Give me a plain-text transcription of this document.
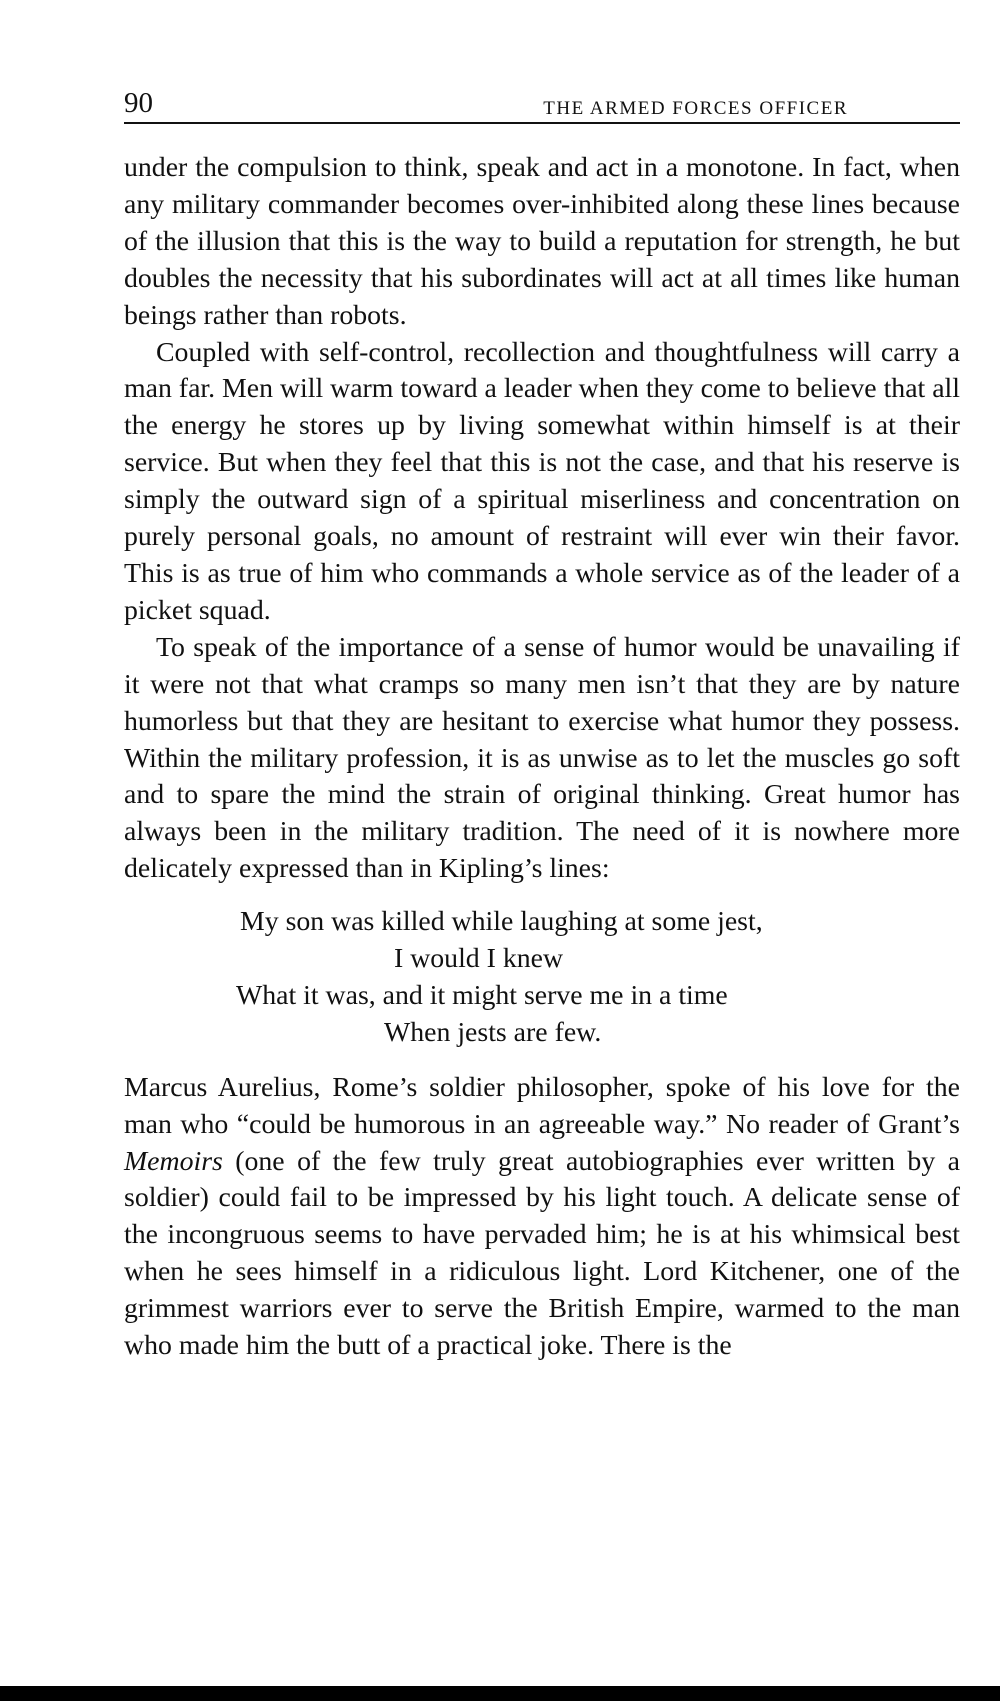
90	THE ARMED FORCES OFFICER

under the compulsion to think, speak and act in a monotone. In fact, when any military commander becomes over-inhibited along these lines because of the illusion that this is the way to build a reputation for strength, he but doubles the necessity that his subordinates will act at all times like human beings rather than robots.

Coupled with self-control, recollection and thoughtfulness will carry a man far. Men will warm toward a leader when they come to believe that all the energy he stores up by living somewhat within himself is at their service. But when they feel that this is not the case, and that his reserve is simply the outward sign of a spiritual miserliness and concentration on purely personal goals, no amount of restraint will ever win their favor. This is as true of him who commands a whole service as of the leader of a picket squad.

To speak of the importance of a sense of humor would be unavailing if it were not that what cramps so many men isn’t that they are by nature humorless but that they are hesitant to exercise what humor they possess. Within the military profession, it is as unwise as to let the muscles go soft and to spare the mind the strain of original thinking. Great humor has always been in the military tradition. The need of it is nowhere more delicately expressed than in Kipling’s lines:

My son was killed while laughing at some jest,
I would I knew
What it was, and it might serve me in a time
When jests are few.

Marcus Aurelius, Rome’s soldier philosopher, spoke of his love for the man who “could be humorous in an agreeable way.” No reader of Grant’s Memoirs (one of the few truly great autobiographies ever written by a soldier) could fail to be impressed by his light touch. A delicate sense of the incongruous seems to have pervaded him; he is at his whimsical best when he sees himself in a ridiculous light. Lord Kitchener, one of the grimmest warriors ever to serve the British Empire, warmed to the man who made him the butt of a practical joke. There is the
